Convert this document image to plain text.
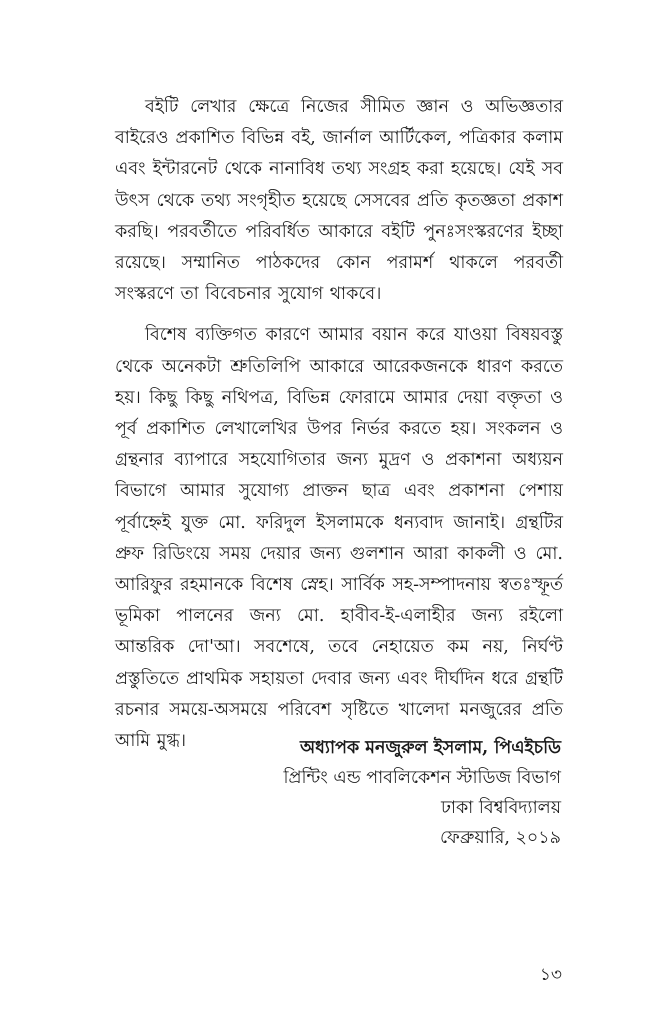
বইটি লেখার ক্ষেত্রে নিজের সীমিত জ্ঞান ও অভিজ্ঞতার বাইরেও প্রকাশিত বিভিন্ন বই, জার্নাল আর্টিকেল, পত্রিকার কলাম এবং ইন্টারনেট থেকে নানাবিধ তথ্য সংগ্রহ করা হয়েছে। যেই সব উৎস থেকে তথ্য সংগৃহীত হয়েছে সেসবের প্রতি কৃতজ্ঞতা প্রকাশ করছি। পরবর্তীতে পরিবর্ধিত আকারে বইটি পুনঃসংস্করণের ইচ্ছা রয়েছে। সম্মানিত পাঠকদের কোন পরামর্শ থাকলে পরবর্তী সংস্করণে তা বিবেচনার সুযোগ থাকবে।

বিশেষ ব্যক্তিগত কারণে আমার বয়ান করে যাওয়া বিষয়বস্তু থেকে অনেকটা শ্রুতিলিপি আকারে আরেকজনকে ধারণ করতে হয়। কিছু কিছু নথিপত্র, বিভিন্ন ফোরামে আমার দেয়া বক্তৃতা ও পূর্ব প্রকাশিত লেখালেখির উপর নির্ভর করতে হয়। সংকলন ও গ্রন্থনার ব্যাপারে সহযোগিতার জন্য মুদ্রণ ও প্রকাশনা অধ্যয়ন বিভাগে আমার সুযোগ্য প্রাক্তন ছাত্র এবং প্রকাশনা পেশায় পূর্বাহ্নেই যুক্ত মো. ফরিদুল ইসলামকে ধন্যবাদ জানাই। গ্রন্থটির প্রুফ রিডিংয়ে সময় দেয়ার জন্য গুলশান আরা কাকলী ও মো. আরিফুর রহমানকে বিশেষ স্নেহ। সার্বিক সহ-সম্পাদনায় স্বতঃস্ফূর্ত ভূমিকা পালনের জন্য মো. হাবীব-ই-এলাহীর জন্য রইলো আন্তরিক দো'আ। সবশেষে, তবে নেহায়েত কম নয়, নির্ঘণ্ট প্রস্তুতিতে প্রাথমিক সহায়তা দেবার জন্য এবং দীর্ঘদিন ধরে গ্রন্থটি রচনার সময়ে-অসময়ে পরিবেশ সৃষ্টিতে খালেদা মনজুরের প্রতি আমি মুগ্ধ।	অধ্যাপক মনজুরুল ইসলাম, পিএইচডি
প্রিন্টিং এন্ড পাবলিকেশন স্টাডিজ বিভাগ
ঢাকা বিশ্ববিদ্যালয়
ফেব্রুয়ারি, ২০১৯
১৩
